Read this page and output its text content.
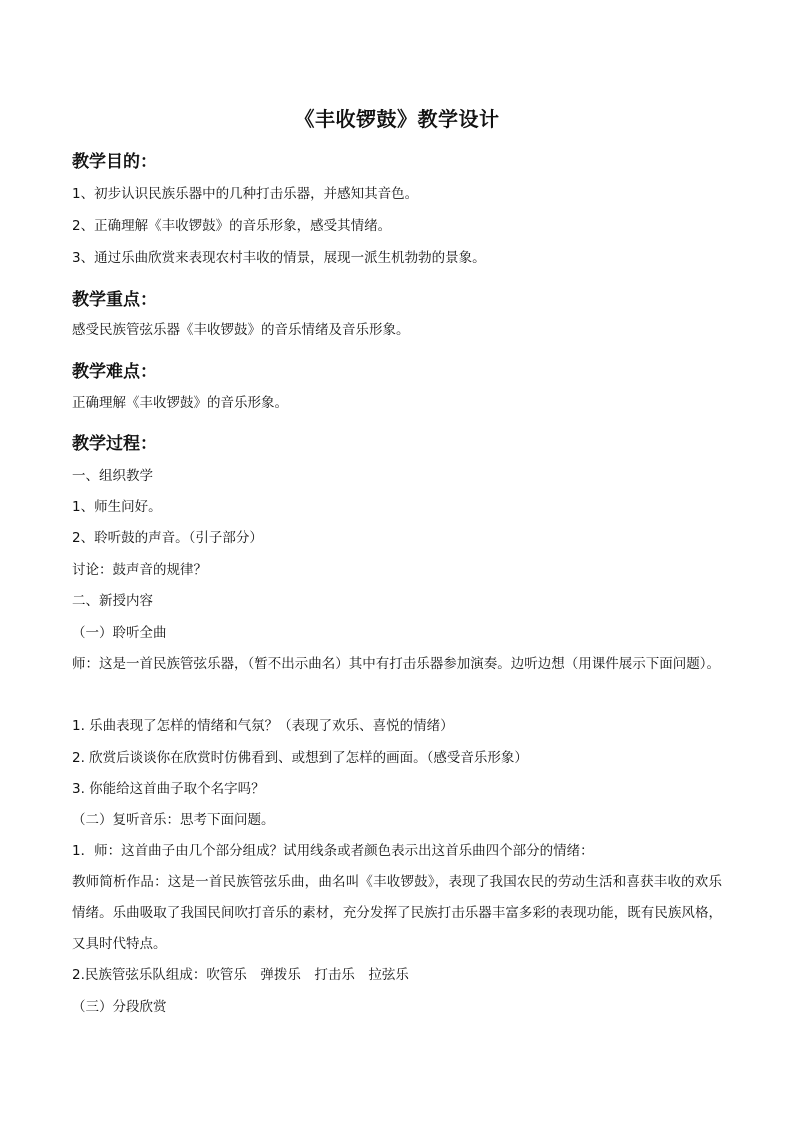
《丰收锣鼓》教学设计
教学目的：
1、初步认识民族乐器中的几种打击乐器，并感知其音色。
2、正确理解《丰收锣鼓》的音乐形象，感受其情绪。
3、通过乐曲欣赏来表现农村丰收的情景，展现一派生机勃勃的景象。
教学重点：
感受民族管弦乐器《丰收锣鼓》的音乐情绪及音乐形象。
教学难点：
正确理解《丰收锣鼓》的音乐形象。
教学过程：
一、组织教学
1、师生问好。
2、聆听鼓的声音。（引子部分）
讨论：鼓声音的规律？
二、新授内容
（一）聆听全曲
师：这是一首民族管弦乐器，（暂不出示曲名）其中有打击乐器参加演奏。边听边想（用课件展示下面问题）。
1. 乐曲表现了怎样的情绪和气氛？（表现了欢乐、喜悦的情绪）
2. 欣赏后谈谈你在欣赏时仿佛看到、或想到了怎样的画面。（感受音乐形象）
3. 你能给这首曲子取个名字吗？
（二）复听音乐：思考下面问题。
1．师：这首曲子由几个部分组成？试用线条或者颜色表示出这首乐曲四个部分的情绪：
教师简析作品：这是一首民族管弦乐曲，曲名叫《丰收锣鼓》，表现了我国农民的劳动生活和喜获丰收的欢乐情绪。乐曲吸取了我国民间吹打音乐的素材，充分发挥了民族打击乐器丰富多彩的表现功能，既有民族风格，又具时代特点。
2.民族管弦乐队组成：吹管乐　弹拨乐　打击乐　拉弦乐
（三）分段欣赏
